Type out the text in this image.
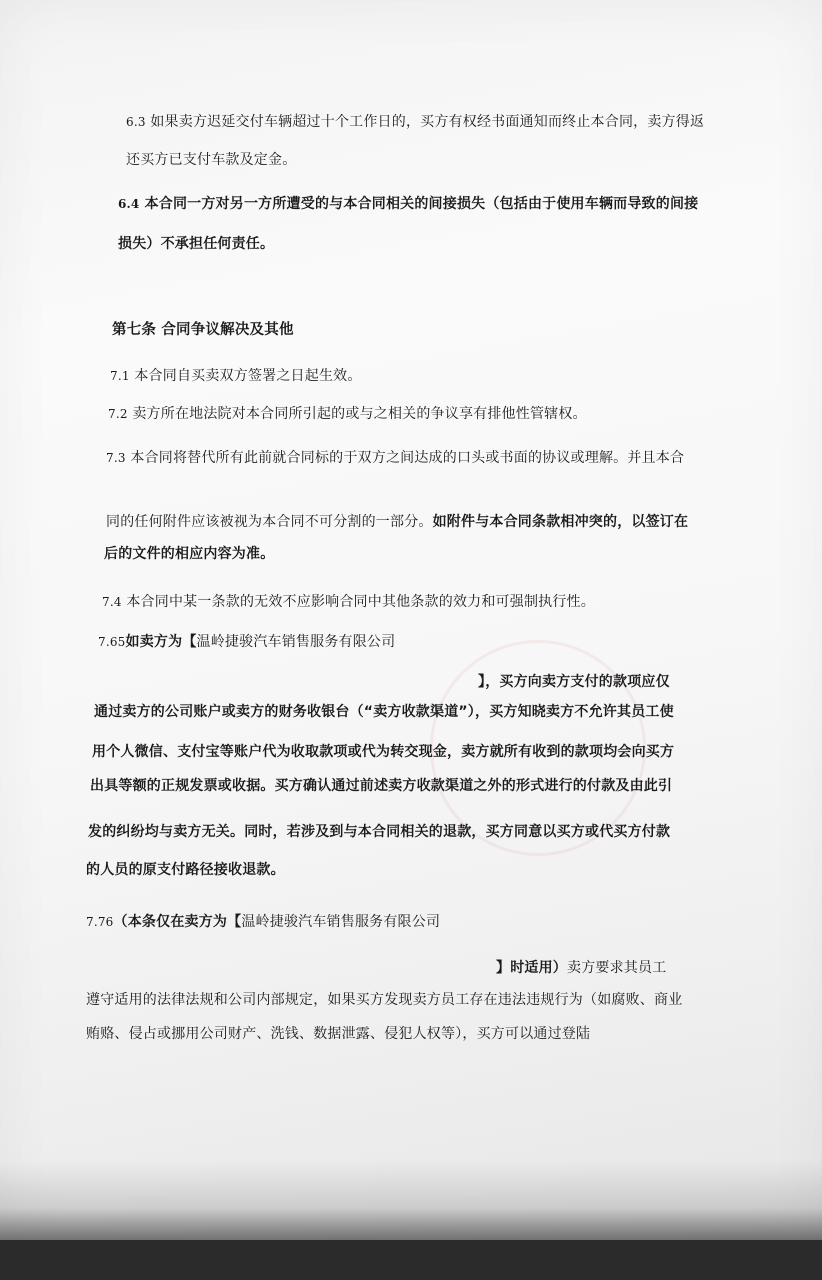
6.3 如果卖方迟延交付车辆超过十个工作日的，买方有权经书面通知而终止本合同，卖方得返
还买方已支付车款及定金。
6.4 本合同一方对另一方所遭受的与本合同相关的间接损失（包括由于使用车辆而导致的间接
损失）不承担任何责任。
第七条 合同争议解决及其他
7.1 本合同自买卖双方签署之日起生效。
7.2 卖方所在地法院对本合同所引起的或与之相关的争议享有排他性管辖权。
7.3 本合同将替代所有此前就合同标的于双方之间达成的口头或书面的协议或理解。并且本合
同的任何附件应该被视为本合同不可分割的一部分。如附件与本合同条款相冲突的，以签订在
后的文件的相应内容为准。
7.4 本合同中某一条款的无效不应影响合同中其他条款的效力和可强制执行性。
7.65如卖方为【温岭捷骏汽车销售服务有限公司
】，买方向卖方支付的款项应仅
通过卖方的公司账户或卖方的财务收银台（“卖方收款渠道”），买方知晓卖方不允许其员工使
用个人微信、支付宝等账户代为收取款项或代为转交现金，卖方就所有收到的款项均会向买方
出具等额的正规发票或收据。买方确认通过前述卖方收款渠道之外的形式进行的付款及由此引
发的纠纷均与卖方无关。同时，若涉及到与本合同相关的退款，买方同意以买方或代买方付款
的人员的原支付路径接收退款。
7.76（本条仅在卖方为【温岭捷骏汽车销售服务有限公司
】时适用）卖方要求其员工
遵守适用的法律法规和公司内部规定，如果买方发现卖方员工存在违法违规行为（如腐败、商业
贿赂、侵占或挪用公司财产、洗钱、数据泄露、侵犯人权等），买方可以通过登陆
